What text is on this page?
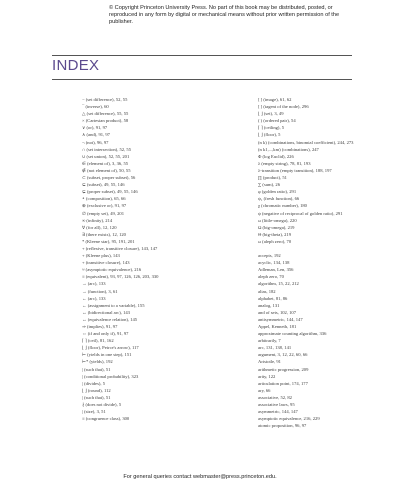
© Copyright Princeton University Press. No part of this book may be distributed, posted, or reproduced in any form by digital or mechanical means without prior written permission of the publisher.
INDEX
− (set difference), 52, 55
¯ (inverse), 60
△ (set difference), 55, 55
× (Cartesian product), 58
∨ (or), 91, 97
∧ (and), 91, 97
¬ (not), 96, 97
∩ (set intersection), 52, 55
∪ (set union), 52, 55, 201
∈ (element of), 3, 36, 55
∉ (not element of), 50, 55
⊂ (subset, proper subset), 56
⊆ (subset), 49, 55, 146
⊊ (proper subset), 49, 55, 146
∘ (composition), 65, 66
⊕ (exclusive or), 91, 97
∅ (empty set), 49, 201
∞ (infinity), 214
∀ (for all), 12, 120
∃ (there exists), 12, 120
* (Kleene star), 95, 191, 201
+ (reflexive, transitive closure), 143, 147
+ (Kleene plus), 143
+ (transitive closure), 143
≈ (asymptotic equivalence), 216
≡ (equivalent), 93, 97, 126, 126, 203, 330
→ (arc), 133
→ (function), 3, 61
← (arc), 133
← (assignment to a variable), 155
↔ (bidirectional arc), 143
↔ (equivalence relation), 145
⇒ (implies), 91, 97
⇔ (if and only if), 91, 97
⌈ ⌉ (ceil), 81, 162
⌊ ⌋ (floor), Peirce's arrow), 117
⊢ (yields in one step), 151
⊢* (yields), 192
| (such that), 51
| (conditional probability), 323
| (divides), 5
⌊ ⌋ (round), 112
| (such that), 51
∤ (does not divide), 5
| (size), 3, 51
≡ (congruence class), 300
[ ] (image), 61, 62
[ ] (tagent of the node), 296
⌊ ⌋ (set), 3, 49
( ) (ordered pair), 54
⌈ ⌉ (ceiling), 5
⌊ ⌋ (floor), 5
(n k) (combinations, binomial coefficient), 244, 273
(n k1,...,km) (combinations), 247
Φ (log Euclid), 226
λ (empty string), 78, 81, 193
λ-transition (empty transition), 188, 197
∏ (product), 51
∑ (sum), 26
φ (golden ratio), 291
ψ₁ (fresh function), 66
χ (chromatic number), 180
ψ (negative of reciprocal of golden ratio), 291
ω (little-omega), 220
Ω (big-omega), 219
Θ (big-theta), 219
ω (aleph zero), 70
accepts, 192
acyclic, 134, 138
Adleman, Len, 356
aleph zero, 70
algorithm, 15, 22, 212
alias, 182
alphabet, 81, 86
analog, 131
and of sets, 102, 107
antisymmetric, 144, 147
Appel, Kenneth, 181
approximate counting algorithm, 336
arbitrarily, 7
arc, 131, 138, 141
argument, 3, 12, 22, 60, 66
Aristotle, 91
arithmetic progression, 209
arity, 122
articulation point, 174, 177
ary, 66
associative, 52, 82
associative laws, 95
asymmetric, 144, 147
asymptotic equivalence, 216, 229
atomic proposition, 96, 97
For general queries contact webmaster@press.princeton.edu.
